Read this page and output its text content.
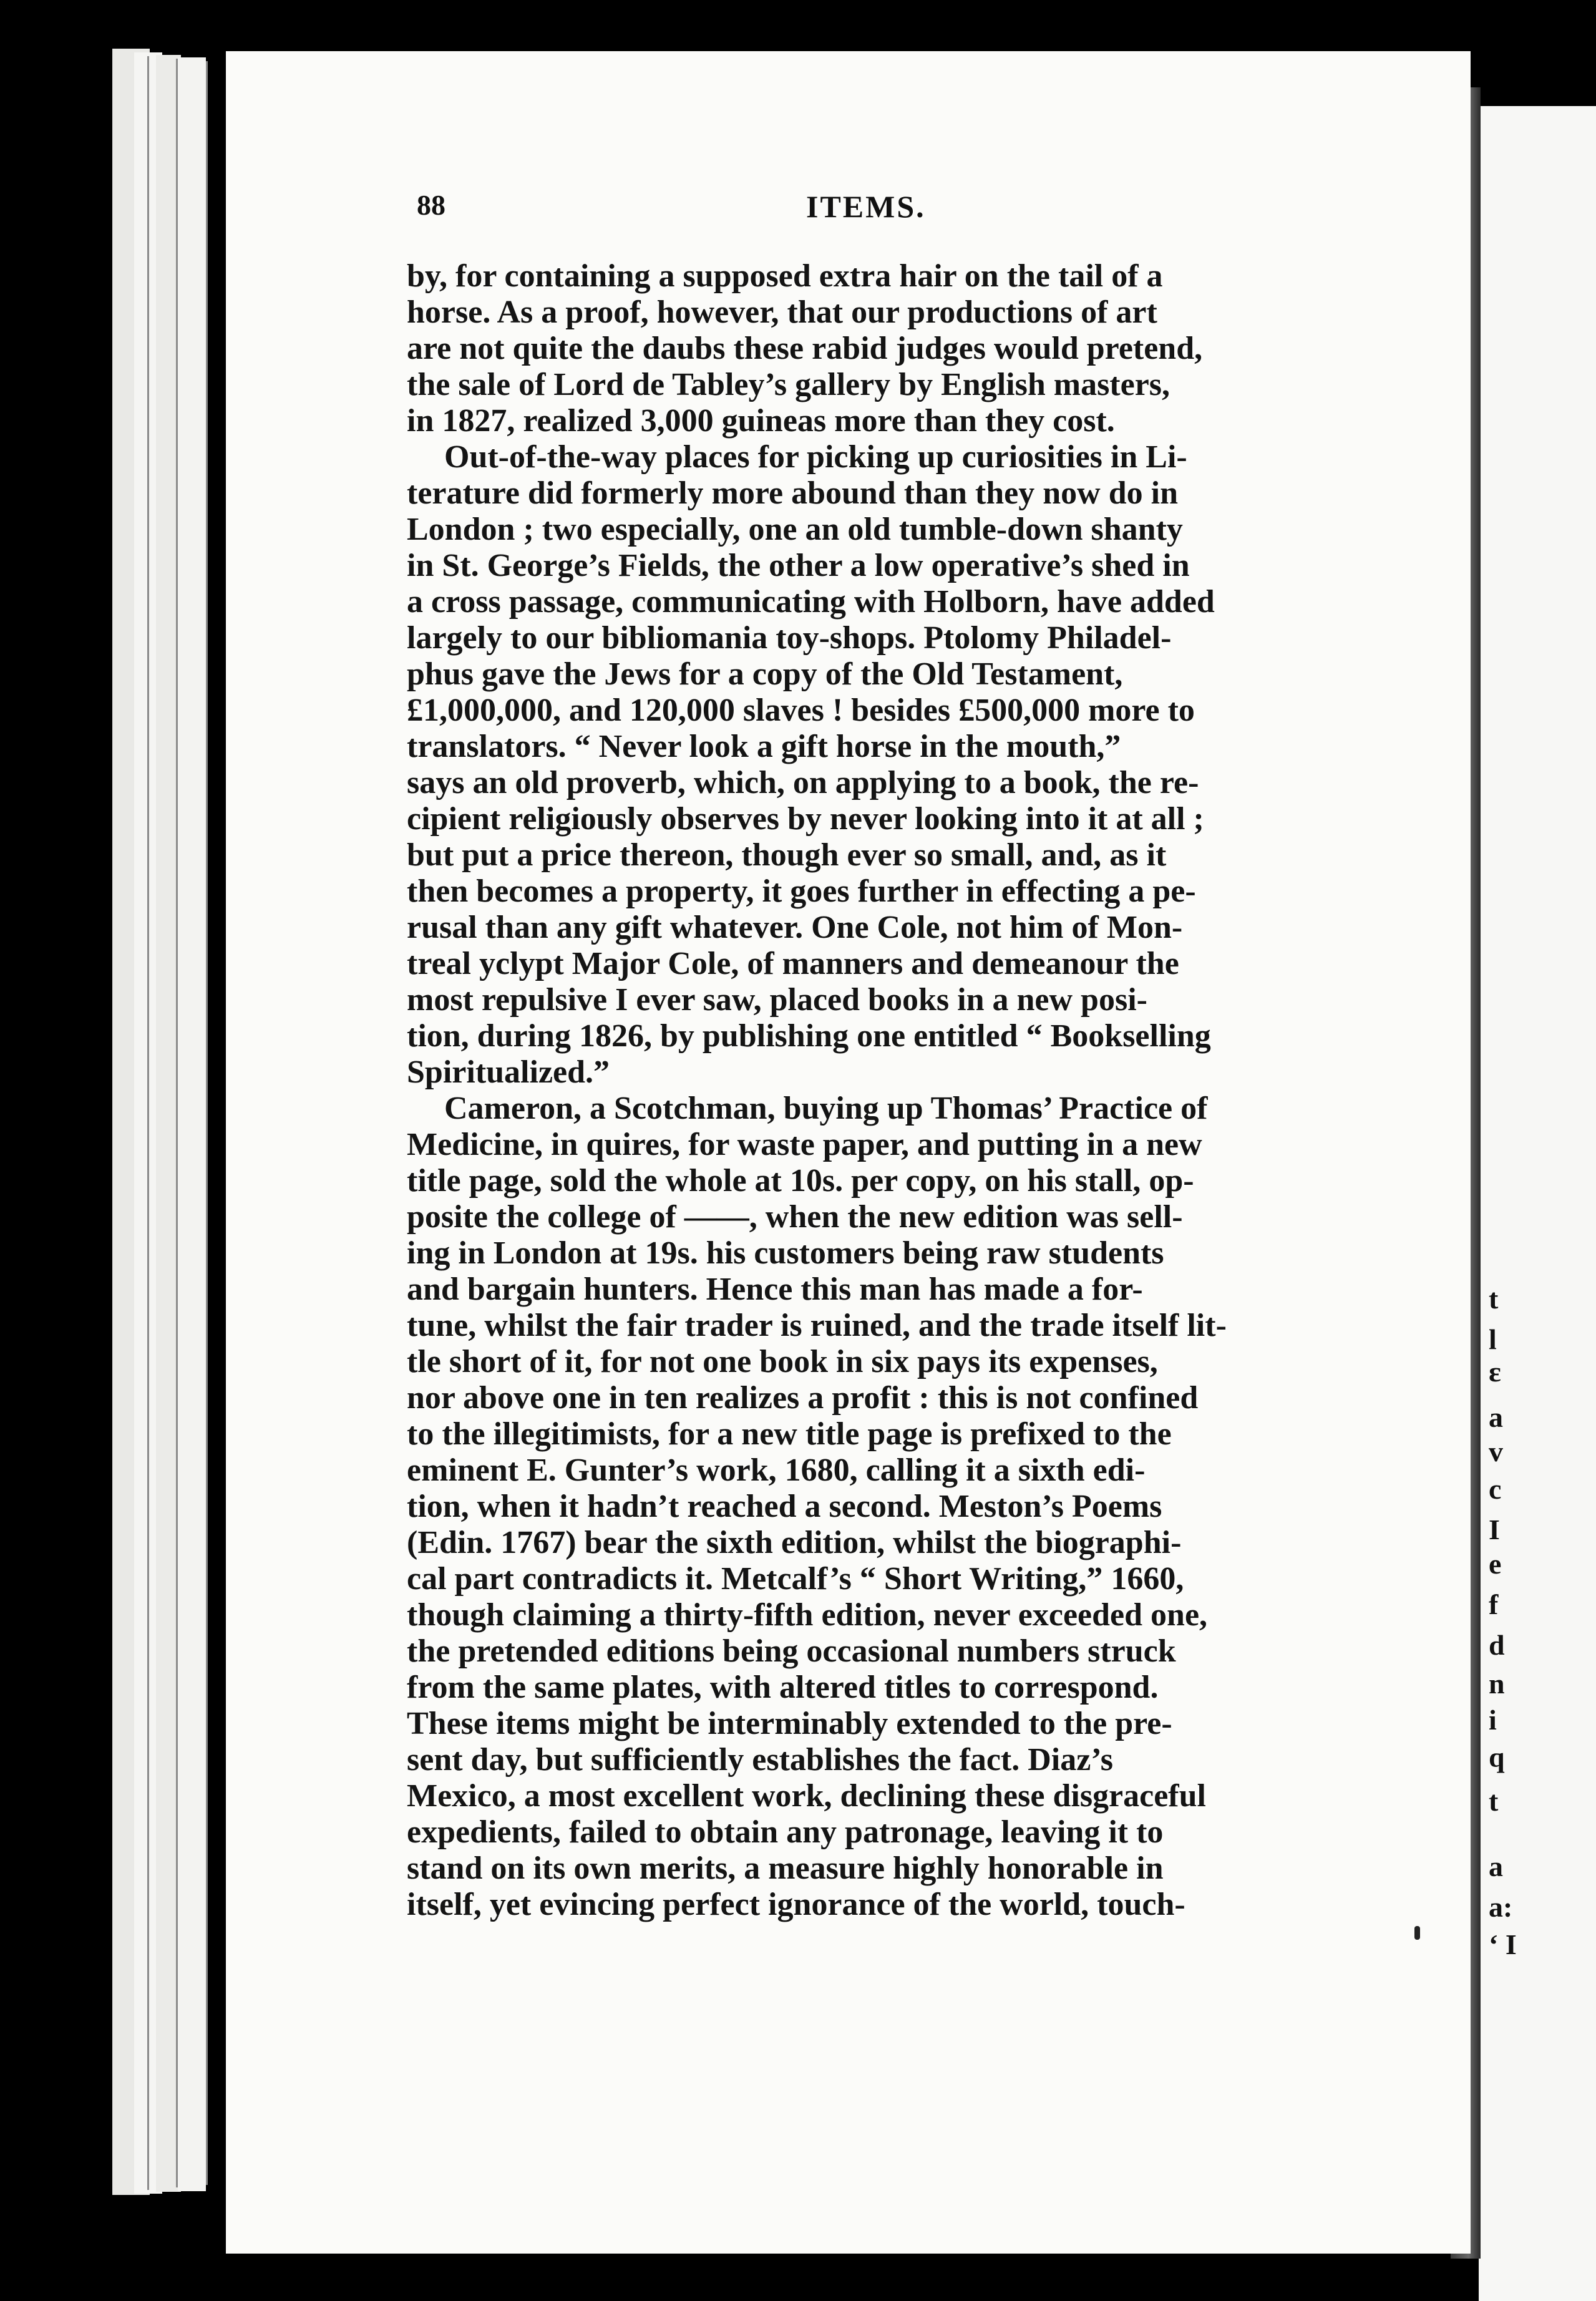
t
l
ɛ
a
v
c
I
e
f
d
n
i
q
t
a
a:
‘ I
88	ITEMS.
by, for containing a supposed extra hair on the tail of a
horse. As a proof, however, that our productions of art
are not quite the daubs these rabid judges would pretend,
the sale of Lord de Tabley’s gallery by English masters,
in 1827, realized 3,000 guineas more than they cost.
Out-of-the-way places for picking up curiosities in Li-
terature did formerly more abound than they now do in
London ; two especially, one an old tumble-down shanty
in St. George’s Fields, the other a low operative’s shed in
a cross passage, communicating with Holborn, have added
largely to our bibliomania toy-shops. Ptolomy Philadel-
phus gave the Jews for a copy of the Old Testament,
£1,000,000, and 120,000 slaves ! besides £500,000 more to
translators. “ Never look a gift horse in the mouth,”
says an old proverb, which, on applying to a book, the re-
cipient religiously observes by never looking into it at all ;
but put a price thereon, though ever so small, and, as it
then becomes a property, it goes further in effecting a pe-
rusal than any gift whatever. One Cole, not him of Mon-
treal yclypt Major Cole, of manners and demeanour the
most repulsive I ever saw, placed books in a new posi-
tion, during 1826, by publishing one entitled “ Bookselling
Spiritualized.”
Cameron, a Scotchman, buying up Thomas’ Practice of
Medicine, in quires, for waste paper, and putting in a new
title page, sold the whole at 10s. per copy, on his stall, op-
posite the college of ——, when the new edition was sell-
ing in London at 19s. his customers being raw students
and bargain hunters. Hence this man has made a for-
tune, whilst the fair trader is ruined, and the trade itself lit-
tle short of it, for not one book in six pays its expenses,
nor above one in ten realizes a profit : this is not confined
to the illegitimists, for a new title page is prefixed to the
eminent E. Gunter’s work, 1680, calling it a sixth edi-
tion, when it hadn’t reached a second. Meston’s Poems
(Edin. 1767) bear the sixth edition, whilst the biographi-
cal part contradicts it. Metcalf’s “ Short Writing,” 1660,
though claiming a thirty-fifth edition, never exceeded one,
the pretended editions being occasional numbers struck
from the same plates, with altered titles to correspond.
These items might be interminably extended to the pre-
sent day, but sufficiently establishes the fact. Diaz’s
Mexico, a most excellent work, declining these disgraceful
expedients, failed to obtain any patronage, leaving it to
stand on its own merits, a measure highly honorable in
itself, yet evincing perfect ignorance of the world, touch-
